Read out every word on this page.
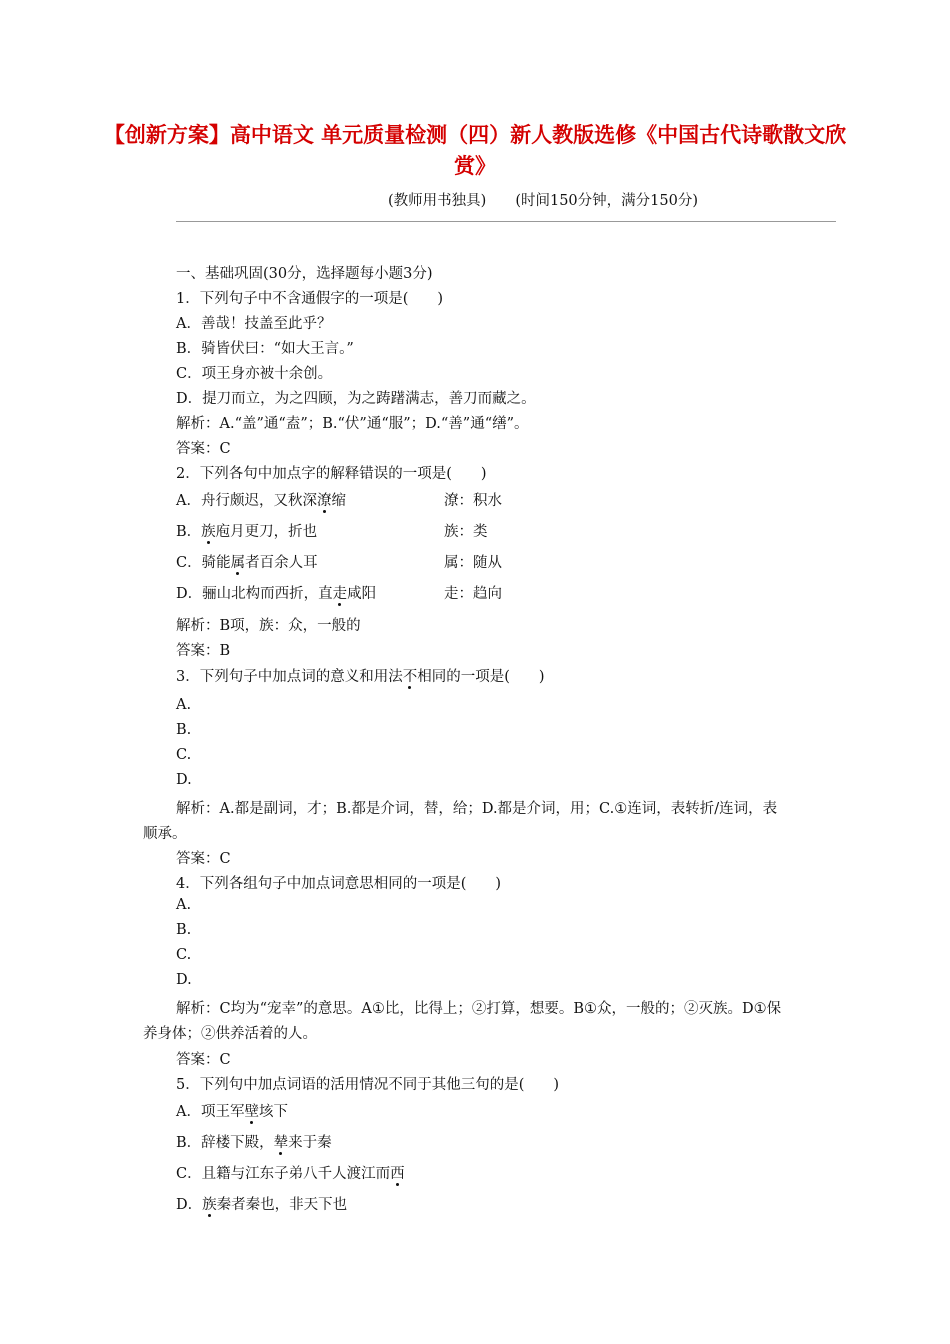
【创新方案】高中语文 单元质量检测（四）新人教版选修《中国古代诗歌散文欣赏》
(教师用书独具)　　(时间150分钟，满分150分)
一、基础巩固(30分，选择题每小题3分)
1．下列句子中不含通假字的一项是(　　)
A．善哉！技盖至此乎？
B．骑皆伏曰：“如大王言。”
C．项王身亦被十余创。
D．提刀而立，为之四顾，为之踌躇满志，善刀而藏之。
解析：A.“盖”通“盍”；B.“伏”通“服”；D.“善”通“缮”。
答案：C
2．下列各句中加点字的解释错误的一项是(　　)
A．舟行颇迟，又秋深潦缩	潦：积水
B．族庖月更刀，折也	族：类
C．骑能属者百余人耳	属：随从
D．骊山北构而西折，直走咸阳	走：趋向
解析：B项，族：众，一般的
答案：B
3．下列句子中加点词的意义和用法不相同的一项是(　　)
A.
B.
C.
D.
解析：A.都是副词，才；B.都是介词，替，给；D.都是介词，用；C.①连词，表转折/连词，表顺承。
答案：C
4．下列各组句子中加点词意思相同的一项是(　　)
A.
B.
C.
D.
解析：C均为“宠幸”的意思。A①比，比得上；②打算，想要。B①众，一般的；②灭族。D①保养身体；②供养活着的人。
答案：C
5．下列句中加点词语的活用情况不同于其他三句的是(　　)
A．项王军壁垓下
B．辞楼下殿，辇来于秦
C．且籍与江东子弟八千人渡江而西
D．族秦者秦也，非天下也
